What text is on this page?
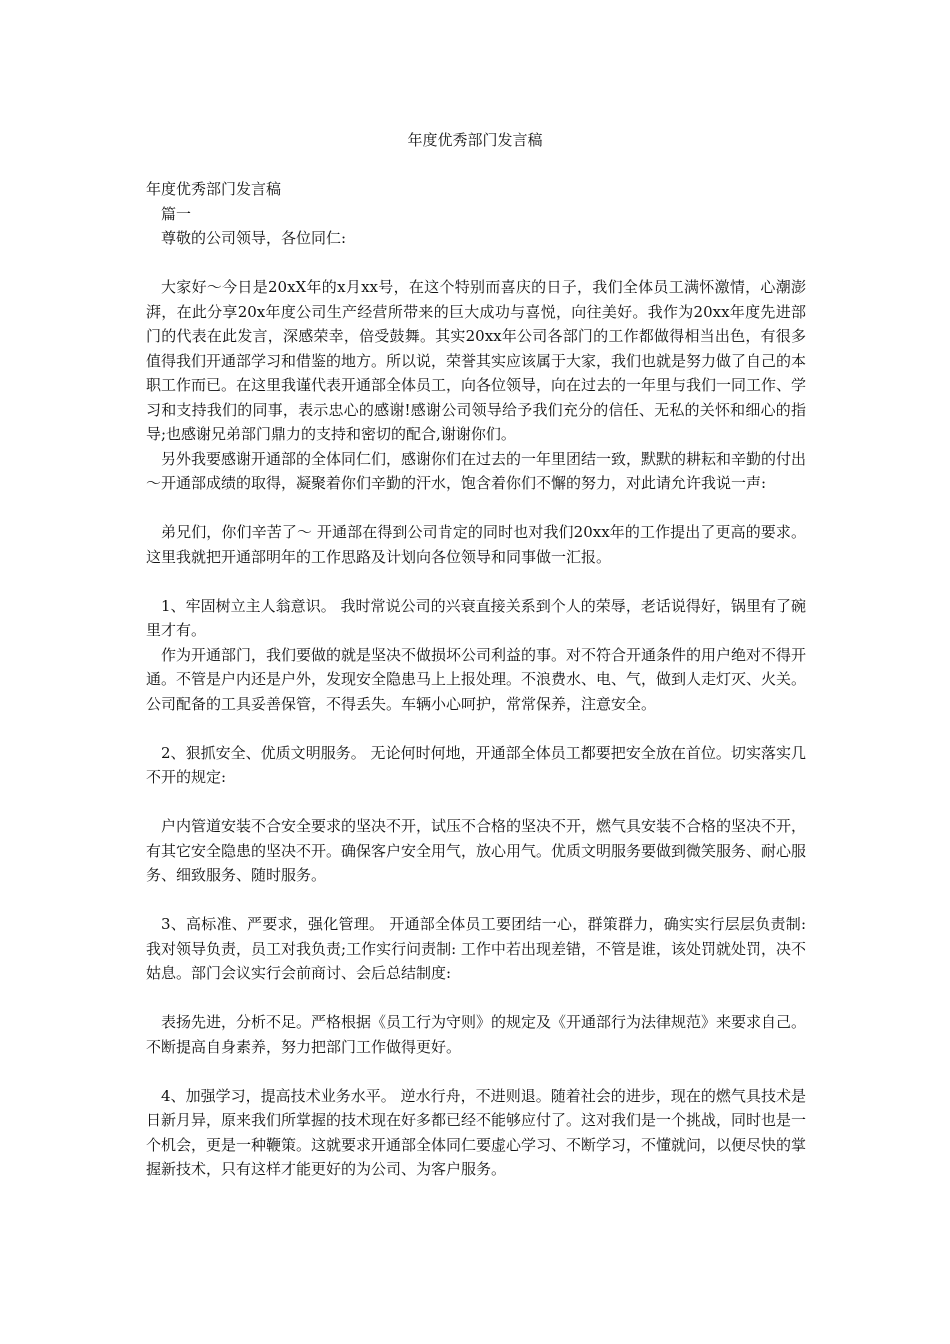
年度优秀部门发言稿
年度优秀部门发言稿
篇一
尊敬的公司领导，各位同仁:
大家好～今日是20xX年的x月xx号，在这个特别而喜庆的日子，我们全体员工满怀激情，心潮澎湃，在此分享20x年度公司生产经营所带来的巨大成功与喜悦，向往美好。我作为20xx年度先进部门的代表在此发言，深感荣幸，倍受鼓舞。其实20xx年公司各部门的工作都做得相当出色，有很多值得我们开通部学习和借鉴的地方。所以说，荣誉其实应该属于大家，我们也就是努力做了自己的本职工作而已。在这里我谨代表开通部全体员工，向各位领导，向在过去的一年里与我们一同工作、学习和支持我们的同事，表示忠心的感谢!感谢公司领导给予我们充分的信任、无私的关怀和细心的指导;也感谢兄弟部门鼎力的支持和密切的配合,谢谢你们。
另外我要感谢开通部的全体同仁们，感谢你们在过去的一年里团结一致，默默的耕耘和辛勤的付出～开通部成绩的取得，凝聚着你们辛勤的汗水，饱含着你们不懈的努力，对此请允许我说一声:
弟兄们，你们辛苦了～ 开通部在得到公司肯定的同时也对我们20xx年的工作提出了更高的要求。这里我就把开通部明年的工作思路及计划向各位领导和同事做一汇报。
1、牢固树立主人翁意识。 我时常说公司的兴衰直接关系到个人的荣辱，老话说得好，锅里有了碗里才有。
作为开通部门，我们要做的就是坚决不做损坏公司利益的事。对不符合开通条件的用户绝对不得开通。不管是户内还是户外，发现安全隐患马上上报处理。不浪费水、电、气，做到人走灯灭、火关。公司配备的工具妥善保管，不得丢失。车辆小心呵护，常常保养，注意安全。
2、狠抓安全、优质文明服务。 无论何时何地，开通部全体员工都要把安全放在首位。切实落实几不开的规定:
户内管道安装不合安全要求的坚决不开，试压不合格的坚决不开，燃气具安装不合格的坚决不开，有其它安全隐患的坚决不开。确保客户安全用气，放心用气。优质文明服务要做到微笑服务、耐心服务、细致服务、随时服务。
3、高标准、严要求，强化管理。 开通部全体员工要团结一心，群策群力，确实实行层层负责制:我对领导负责，员工对我负责;工作实行问责制: 工作中若出现差错，不管是谁，该处罚就处罚，决不姑息。部门会议实行会前商讨、会后总结制度:
表扬先进，分析不足。严格根据《员工行为守则》的规定及《开通部行为法律规范》来要求自己。不断提高自身素养，努力把部门工作做得更好。
4、加强学习，提高技术业务水平。 逆水行舟，不进则退。随着社会的进步，现在的燃气具技术是日新月异，原来我们所掌握的技术现在好多都已经不能够应付了。这对我们是一个挑战，同时也是一个机会，更是一种鞭策。这就要求开通部全体同仁要虚心学习、不断学习，不懂就问，以便尽快的掌握新技术，只有这样才能更好的为公司、为客户服务。
